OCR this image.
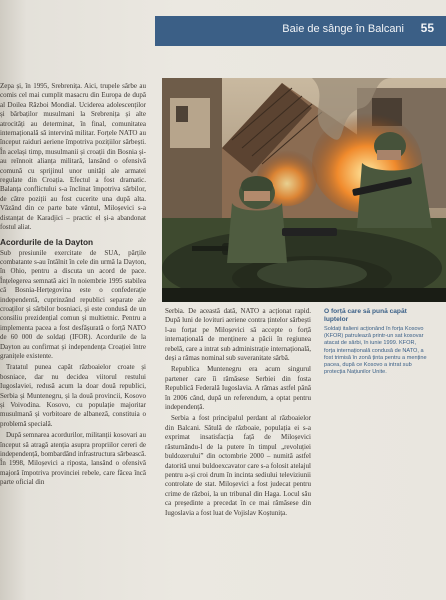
Baie de sânge în Balcani 55

Zepa și, în 1995, Srebrenița. Aici, trupele sârbe au comis cel mai cumplit masacru din Europa de după al Doilea Război Mondial. Uciderea adolescenților și bărbaților musulmani la Srebrenița și alte atrocități au determinat, în final, comunitatea internațională să intervină militar. Forțele NATO au început raiduri aeriene împotriva pozițiilor sârbești. În același timp, musulmanii și croații din Bosnia și-au reînnoit alianța militară, lansând o ofensivă comună cu sprijinul unor unități ale armatei regulate din Croația. Efectul a fost dramatic. Balanța conflictului s-a înclinat împotriva sârbilor, de către poziții au fost cucerite una după alta. Văzând din ce parte bate vântul, Miloșevici s-a distanțat de Karadjici – practic el și-a abandonat fostul aliat.

Acordurile de la Dayton

Sub presiunile exercitate de SUA, părțile combatante s-au întâlnit în cele din urmă la Dayton, în Ohio, pentru a discuta un acord de pace. Înțelegerea semnată aici în noiembrie 1995 stabilea că Bosnia-Herțegovina este o confederație independentă, cuprinzând republici separate ale croaților și sârbilor bosniaci, și este condusă de un consiliu prezidențial comun și multietnic. Pentru a implementa pacea a fost desfășurată o forță NATO de 60 000 de soldați (IFOR). Acordurile de la Dayton au confirmat și independența Croației între granițele existente.

Tratatul punea capăt războaielor croate și bosniace, dar nu decidea viitorul restului Iugoslaviei, redusă acum la doar două republici, Serbia și Muntenegru, și la două provincii, Kosovo și Voivodina. Kosovo, cu populație majoritar musulmană și vorbitoare de albaneză, constituia o problemă specială.

După semnarea acordurilor, militanții kosovari au început să atragă atenția asupra propriilor cereri de independență, bombardând infrastructura sârbească. În 1998, Miloșevici a riposta, lansând o ofensivă majoră împotriva provinciei rebele, care făcea încă parte oficial din

Serbia. De această dată, NATO a acționat rapid. După luni de lovituri aeriene contra țintelor sârbești l-au forțat pe Miloșevici să accepte o forță internațională de menținere a păcii în regiunea rebelă, care a intrat sub administrație internațională, deși a rămas nominal sub suveranitate sârbă.

Republica Muntenegru era acum singurul partener care îi rămăsese Serbiei din fosta Republică Federală Iugoslavia. A rămas astfel până în 2006 când, după un referendum, a optat pentru independență.

Serbia a fost principalul perdant al războaielor din Balcani. Sătulă de războaie, populația ei s-a exprimat insatisfacția față de Miloșevici răsturnându-l de la putere în timpul „revoluției buldozerului” din octombrie 2000 – numită astfel datorită unui buldoexcavator care s-a folosit atelajul pentru a-și croi drum în incinta sediului televiziunii controlate de stat. Miloșevici a fost judecat pentru crime de război, la un tribunal din Haga. Locul său ca președinte a precedat în ce mai rămăsese din Iugoslavia a fost luat de Vojislav Koștunița.

O forță care să pună capăt luptelor
Soldați italieni acționând în forța Kosovo (KFOR) patrulează printr-un sat kosovar atacat de sârbi, în iunie 1999. KFOR, forța internațională condusă de NATO, a fost trimisă în zonă ținta pentru a menține pacea, după ce Kosovo a intrat sub protecția Națiunilor Unite.
